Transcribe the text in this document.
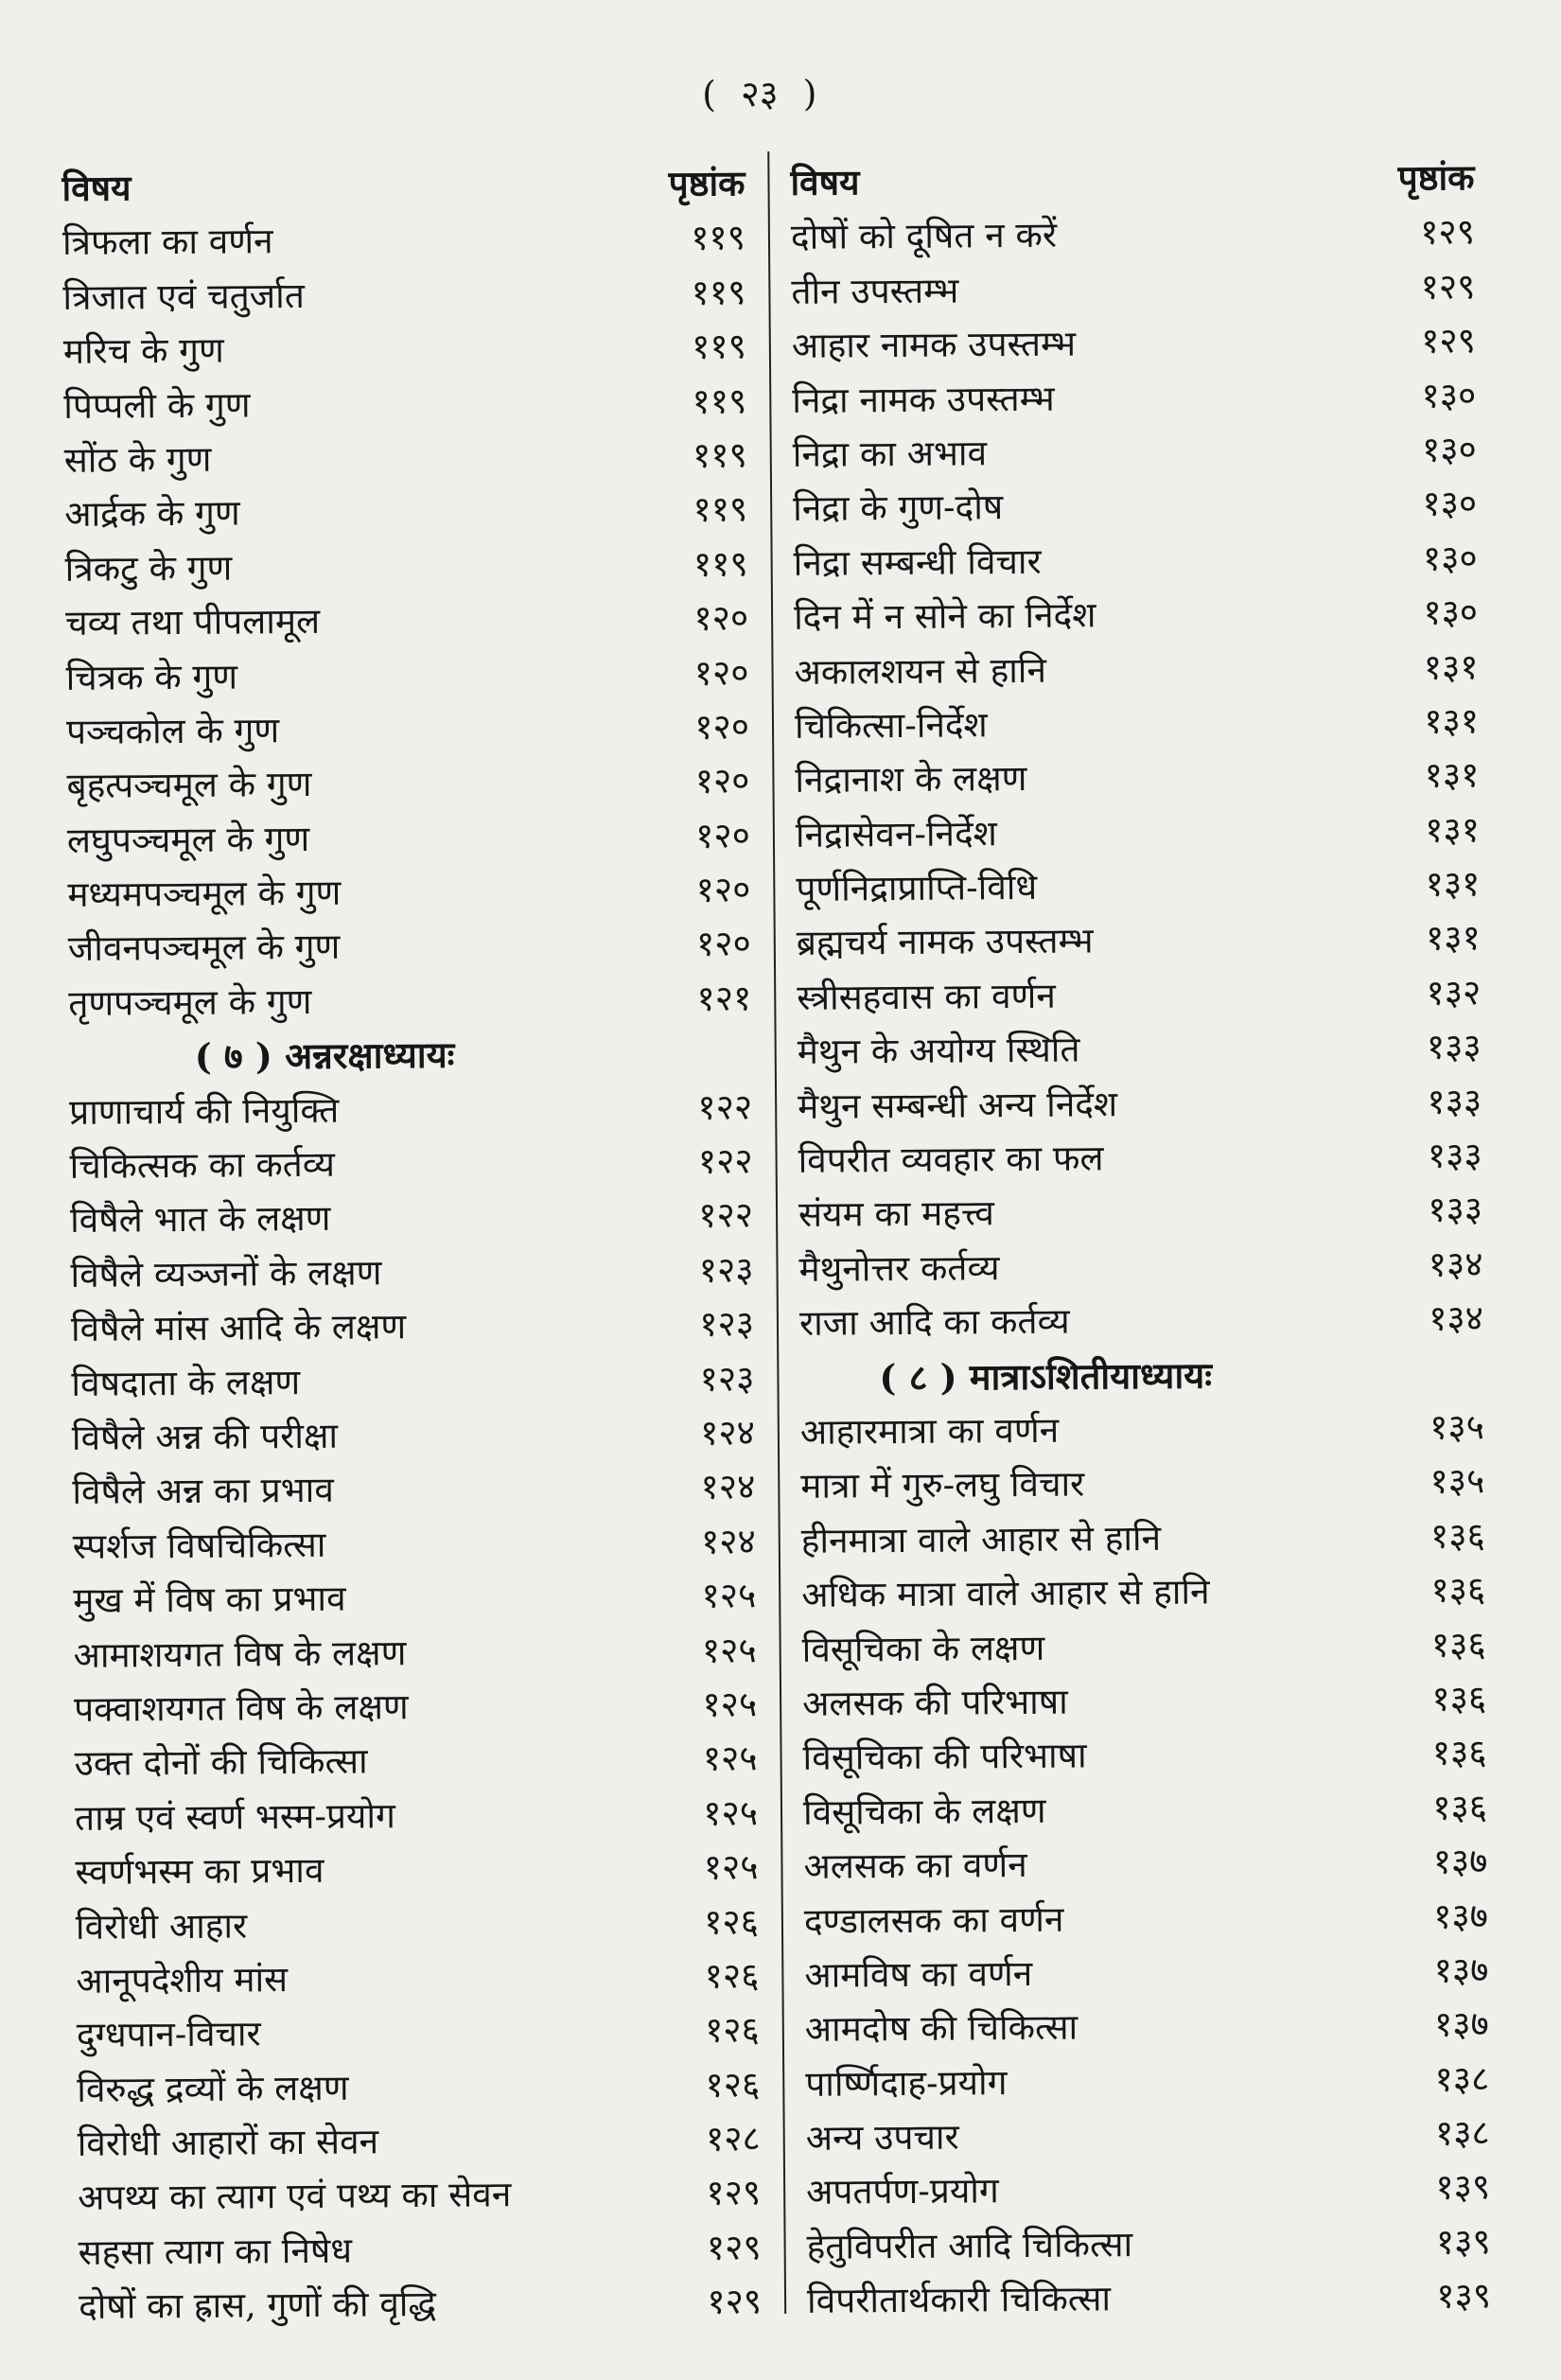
( २३ )
विषय	पृष्ठांक
त्रिफला का वर्णन	११९
त्रिजात एवं चतुर्जात	११९
मरिच के गुण	११९
पिप्पली के गुण	११९
सोंठ के गुण	११९
आर्द्रक के गुण	११९
त्रिकटु के गुण	११९
चव्य तथा पीपलामूल	१२०
चित्रक के गुण	१२०
पञ्चकोल के गुण	१२०
बृहत्पञ्चमूल के गुण	१२०
लघुपञ्चमूल के गुण	१२०
मध्यमपञ्चमूल के गुण	१२०
जीवनपञ्चमूल के गुण	१२०
तृणपञ्चमूल के गुण	१२१
( ७ ) अन्नरक्षाध्यायः
प्राणाचार्य की नियुक्ति	१२२
चिकित्सक का कर्तव्य	१२२
विषैले भात के लक्षण	१२२
विषैले व्यञ्जनों के लक्षण	१२३
विषैले मांस आदि के लक्षण	१२३
विषदाता के लक्षण	१२३
विषैले अन्न की परीक्षा	१२४
विषैले अन्न का प्रभाव	१२४
स्पर्शज विषचिकित्सा	१२४
मुख में विष का प्रभाव	१२५
आमाशयगत विष के लक्षण	१२५
पक्वाशयगत विष के लक्षण	१२५
उक्त दोनों की चिकित्सा	१२५
ताम्र एवं स्वर्ण भस्म-प्रयोग	१२५
स्वर्णभस्म का प्रभाव	१२५
विरोधी आहार	१२६
आनूपदेशीय मांस	१२६
दुग्धपान-विचार	१२६
विरुद्ध द्रव्यों के लक्षण	१२६
विरोधी आहारों का सेवन	१२८
अपथ्य का त्याग एवं पथ्य का सेवन	१२९
सहसा त्याग का निषेध	१२९
दोषों का ह्रास, गुणों की वृद्धि	१२९
विषय	पृष्ठांक
दोषों को दूषित न करें	१२९
तीन उपस्तम्भ	१२९
आहार नामक उपस्तम्भ	१२९
निद्रा नामक उपस्तम्भ	१३०
निद्रा का अभाव	१३०
निद्रा के गुण-दोष	१३०
निद्रा सम्बन्धी विचार	१३०
दिन में न सोने का निर्देश	१३०
अकालशयन से हानि	१३१
चिकित्सा-निर्देश	१३१
निद्रानाश के लक्षण	१३१
निद्रासेवन-निर्देश	१३१
पूर्णनिद्राप्राप्ति-विधि	१३१
ब्रह्मचर्य नामक उपस्तम्भ	१३१
स्त्रीसहवास का वर्णन	१३२
मैथुन के अयोग्य स्थिति	१३३
मैथुन सम्बन्धी अन्य निर्देश	१३३
विपरीत व्यवहार का फल	१३३
संयम का महत्त्व	१३३
मैथुनोत्तर कर्तव्य	१३४
राजा आदि का कर्तव्य	१३४
( ८ ) मात्राऽशितीयाध्यायः
आहारमात्रा का वर्णन	१३५
मात्रा में गुरु-लघु विचार	१३५
हीनमात्रा वाले आहार से हानि	१३६
अधिक मात्रा वाले आहार से हानि	१३६
विसूचिका के लक्षण	१३६
अलसक की परिभाषा	१३६
विसूचिका की परिभाषा	१३६
विसूचिका के लक्षण	१३६
अलसक का वर्णन	१३७
दण्डालसक का वर्णन	१३७
आमविष का वर्णन	१३७
आमदोष की चिकित्सा	१३७
पार्ष्णिदाह-प्रयोग	१३८
अन्य उपचार	१३८
अपतर्पण-प्रयोग	१३९
हेतुविपरीत आदि चिकित्सा	१३९
विपरीतार्थकारी चिकित्सा	१३९
